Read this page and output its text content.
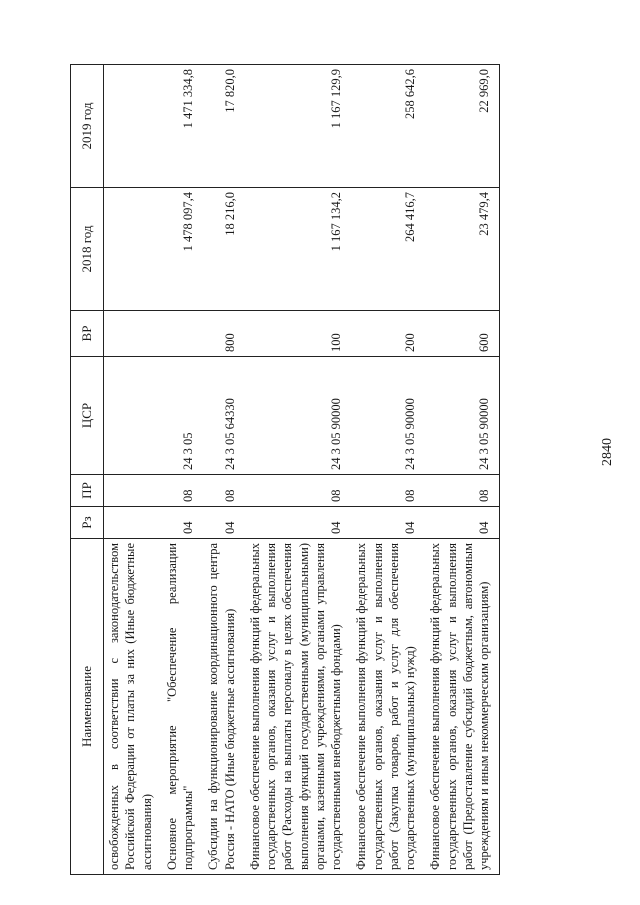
2840
Наименование	Рз	ПР	ЦСР	ВР	2018 год	2019 год
освобожденных в соответствии с законодательством Российской Федерации от платы за них (Иные бюджетные ассигнования)						
Основное мероприятие "Обеспечение реализации подпрограммы"	04	08	24 3 05		1 478 097,4	1 471 334,8
Субсидии на функционирование координационного центра Россия - НАТО (Иные бюджетные ассигнования)	04	08	24 3 05 64330	800	18 216,0	17 820,0
Финансовое обеспечение выполнения функций федеральных государственных органов, оказания услуг и выполнения работ (Расходы на выплаты персоналу в целях обеспечения выполнения функций государственными (муниципальными) органами, казенными учреждениями, органами управления государственными внебюджетными фондами)	04	08	24 3 05 90000	100	1 167 134,2	1 167 129,9
Финансовое обеспечение выполнения функций федеральных государственных органов, оказания услуг и выполнения работ (Закупка товаров, работ и услуг для обеспечения государственных (муниципальных) нужд)	04	08	24 3 05 90000	200	264 416,7	258 642,6
Финансовое обеспечение выполнения функций федеральных государственных органов, оказания услуг и выполнения работ (Предоставление субсидий бюджетным, автономным учреждениям и иным некоммерческим организациям)	04	08	24 3 05 90000	600	23 479,4	22 969,0
